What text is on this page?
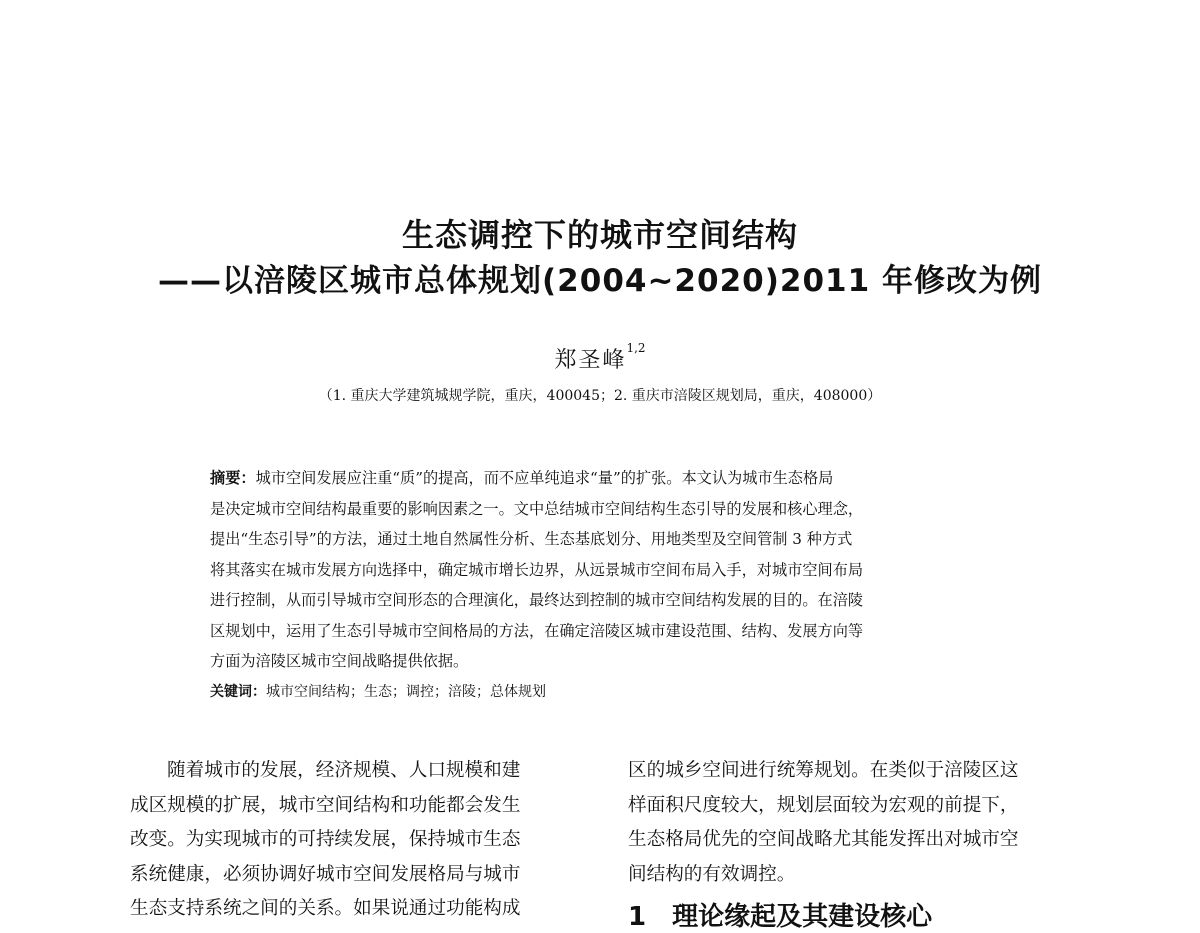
生态调控下的城市空间结构
——以涪陵区城市总体规划(2004~2020)2011 年修改为例
郑圣峰$^{1,2}$
（1. 重庆大学建筑城规学院，重庆，400045；2. 重庆市涪陵区规划局，重庆，408000）

摘要：城市空间发展应注重“质”的提高，而不应单纯追求“量”的扩张。本文认为城市生态格局

是决定城市空间结构最重要的影响因素之一。文中总结城市空间结构生态引导的发展和核心理念，

提出“生态引导”的方法，通过土地自然属性分析、生态基底划分、用地类型及空间管制 3 种方式

将其落实在城市发展方向选择中，确定城市增长边界，从远景城市空间布局入手，对城市空间布局

进行控制，从而引导城市空间形态的合理演化，最终达到控制的城市空间结构发展的目的。在涪陵

区规划中，运用了生态引导城市空间格局的方法，在确定涪陵区城市建设范围、结构、发展方向等

方面为涪陵区城市空间战略提供依据。

关键词：城市空间结构；生态；调控；涪陵；总体规划

随着城市的发展，经济规模、人口规模和建

成区规模的扩展，城市空间结构和功能都会发生

改变。为实现城市的可持续发展，保持城市生态

系统健康，必须协调好城市空间发展格局与城市

生态支持系统之间的关系。如果说通过功能构成

区的城乡空间进行统筹规划。在类似于涪陵区这

样面积尺度较大，规划层面较为宏观的前提下，

生态格局优先的空间战略尤其能发挥出对城市空

间结构的有效调控。

1 理论缘起及其建设核心
